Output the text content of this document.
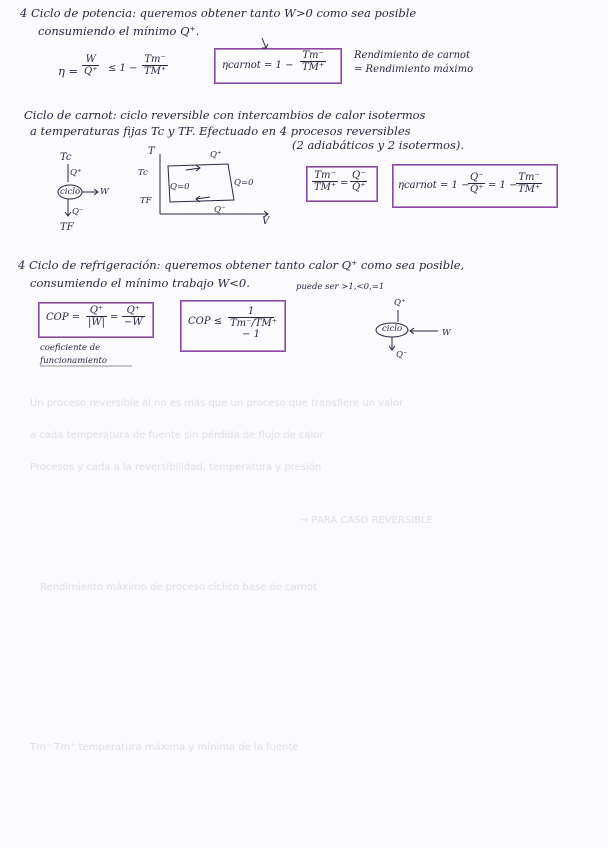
Un proceso reversible al no es más que un proceso que transfiere un valor
a cada temperatura de fuente sin pérdida de flujo de calor
Procesos y cada a la reversibilidad, temperatura y presión
→ PARA CASO REVERSIBLE
Rendimiento máximo de proceso cíclico base de carnot
Tm⁻ Tm⁺ temperatura máxima y mínima de la fuente
4 Ciclo de potencia: queremos obtener tanto W>0 como sea posible
consumiendo el mínimo Q⁺.
$\eta = \frac{W}{Q^+} \le 1 - \frac{Tm^-}{TM^+}$	ηcarnot = $1 - \frac{Tm^-}{TM^+}$	Rendimiento de carnot
= Rendimiento máximo
Ciclo de carnot: ciclo reversible con intercambios de calor isotermos
a temperaturas fijas Tc y TF. Efectuado en 4 procesos reversibles
(2 adiabáticos y 2 isotermos).
Tc
Q⁺
ciclo W
Q⁻
TF
T
Tc
TF
Q=0	Q=0
Q⁺
Q⁻
V
$\frac{Tm^-}{TM^+} = \frac{Q^-}{Q^+}$	ηcarnot = 1 −
$\frac{Q^-}{Q^+} = 1$ −
$\frac{Tm^-}{TM^+}$
4 Ciclo de refrigeración: queremos obtener tanto calor Q⁺ como sea posible,
consumiendo el mínimo trabajo W<0.	puede ser >1,<0,=1
COP = $\frac{Q^+}{|W|} = \frac{Q^+}{-W}$	COP ≤ $\frac{1}{Tm^-/TM^+ - 1}$
coeficiente de
funcionamiento
Q⁺
ciclo	W
Q⁻
